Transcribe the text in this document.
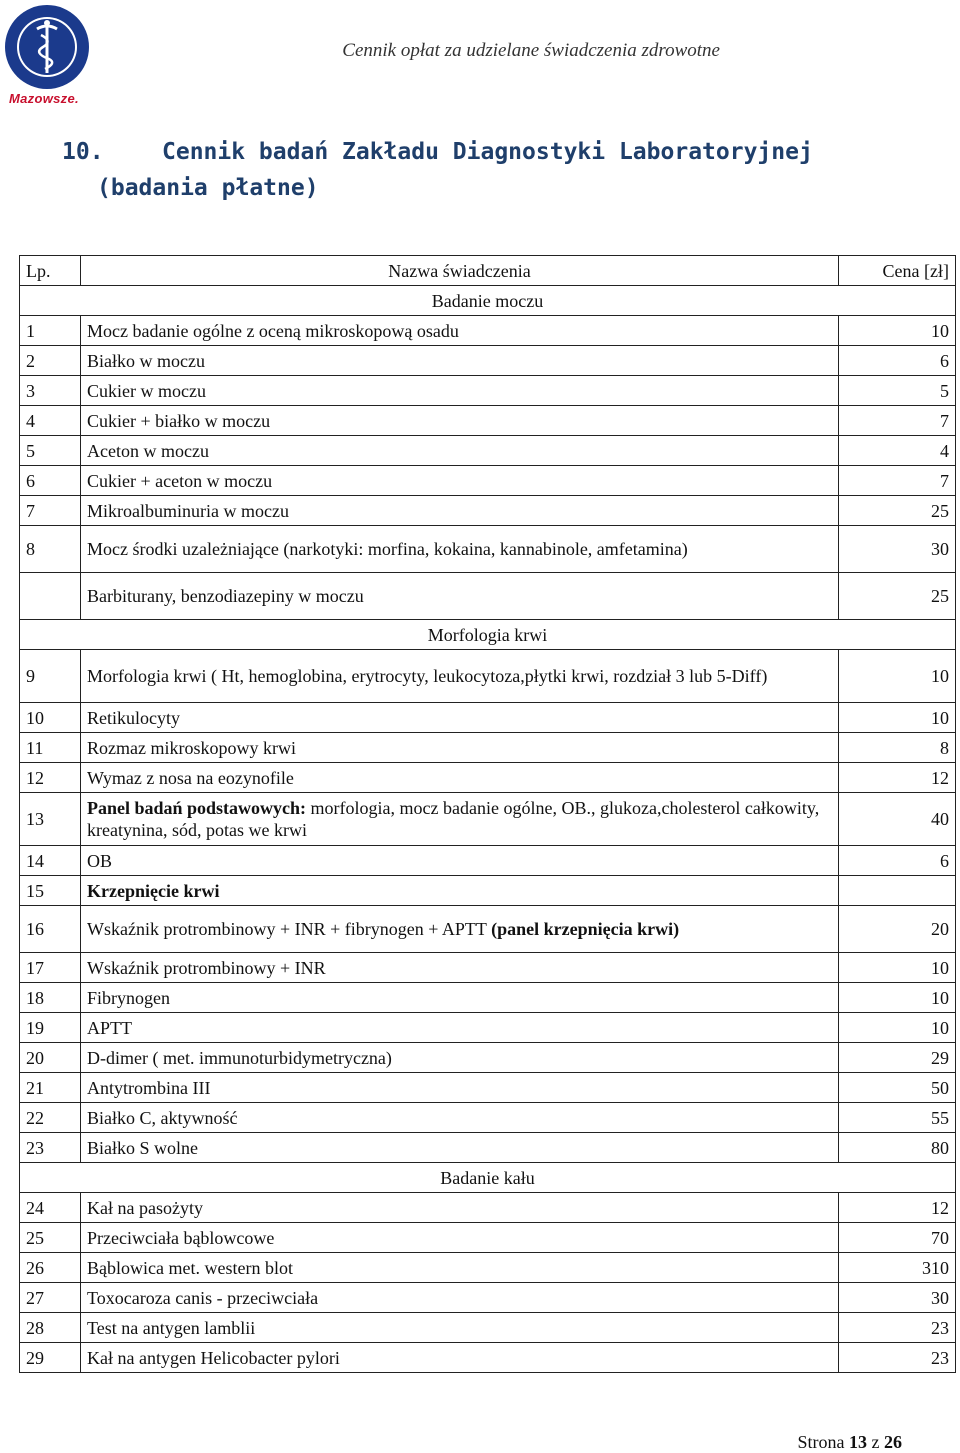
Mazowsze.
Cennik opłat za udzielane świadczenia zdrowotne
10.	Cennik badań Zakładu Diagnostyki Laboratoryjnej
(badania płatne)
Lp.	Nazwa świadczenia	Cena [zł]
Badanie moczu		
1	Mocz badanie ogólne z oceną mikroskopową osadu	10
2	Białko w moczu	6
3	Cukier w moczu	5
4	Cukier + białko w moczu	7
5	Aceton w moczu	4
6	Cukier + aceton w moczu	7
7	Mikroalbuminuria w moczu	25
8	Mocz środki uzależniające (narkotyki: morfina, kokaina, kannabinole, amfetamina)	30
	Barbiturany, benzodiazepiny w moczu	25
Morfologia krwi		
9	Morfologia krwi ( Ht, hemoglobina, erytrocyty, leukocytoza,płytki krwi, rozdział 3 lub 5-Diff)	10
10	Retikulocyty	10
11	Rozmaz mikroskopowy krwi	8
12	Wymaz z nosa na eozynofile	12
13	Panel badań podstawowych: morfologia, mocz badanie ogólne, OB., glukoza,cholesterol całkowity, kreatynina, sód, potas we krwi	40
14	OB	6
15	Krzepnięcie krwi	
16	Wskaźnik protrombinowy + INR + fibrynogen + APTT (panel krzepnięcia krwi)	20
17	Wskaźnik protrombinowy + INR	10
18	Fibrynogen	10
19	APTT	10
20	D-dimer ( met. immunoturbidymetryczna)	29
21	Antytrombina III	50
22	Białko C, aktywność	55
23	Białko S wolne	80
Badanie kału		
24	Kał na pasożyty	12
25	Przeciwciała bąblowcowe	70
26	Bąblowica met. western blot	310
27	Toxocaroza canis - przeciwciała	30
28	Test na antygen lamblii	23
29	Kał na antygen Helicobacter pylori	23
Strona 13 z 26
